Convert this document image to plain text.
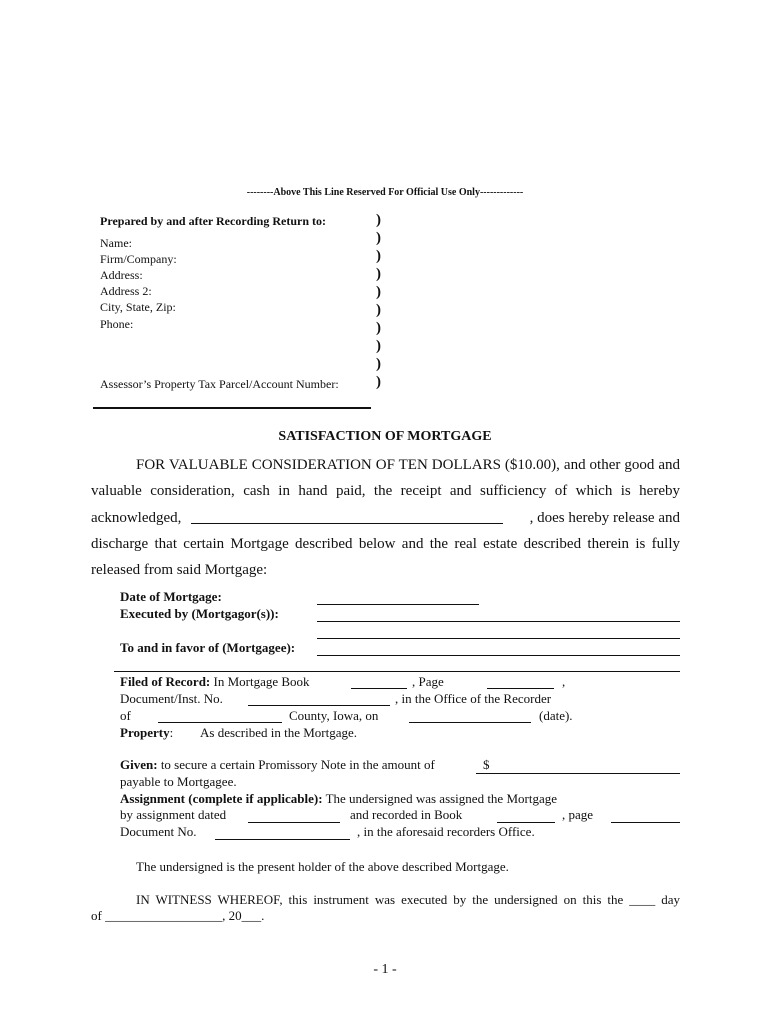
--------Above This Line Reserved For Official Use Only-------------
Prepared by and after Recording Return to:
Name:
Firm/Company:
Address:
Address 2:
City, State, Zip:
Phone:
Assessor’s Property Tax Parcel/Account Number:
)
)
)
)
)
)
)
)
)
)
SATISFACTION OF MORTGAGE
FOR VALUABLE CONSIDERATION OF TEN DOLLARS ($10.00), and other good and
valuable consideration, cash in hand paid, the receipt and sufficiency of which is hereby
acknowledged,	, does hereby release and
discharge that certain Mortgage described below and the real estate described therein is fully
released from said Mortgage:
Date of Mortgage:
Executed by (Mortgagor(s)):
To and in favor of (Mortgagee):
Filed of Record: In Mortgage Book	, Page	,
Document/Inst. No.	, in the Office of the Recorder
of	County, Iowa, on	(date).
Property: As described in the Mortgage.
Given: to secure a certain Promissory Note in the amount of	$
payable to Mortgagee.
Assignment (complete if applicable): The undersigned was assigned the Mortgage
by assignment dated	and recorded in Book	, page
Document No.	, in the aforesaid recorders Office.
The undersigned is the present holder of the above described Mortgage.
IN WITNESS WHEREOF, this instrument was executed by the undersigned on this the ____ day
of __________________, 20___.
- 1 -
